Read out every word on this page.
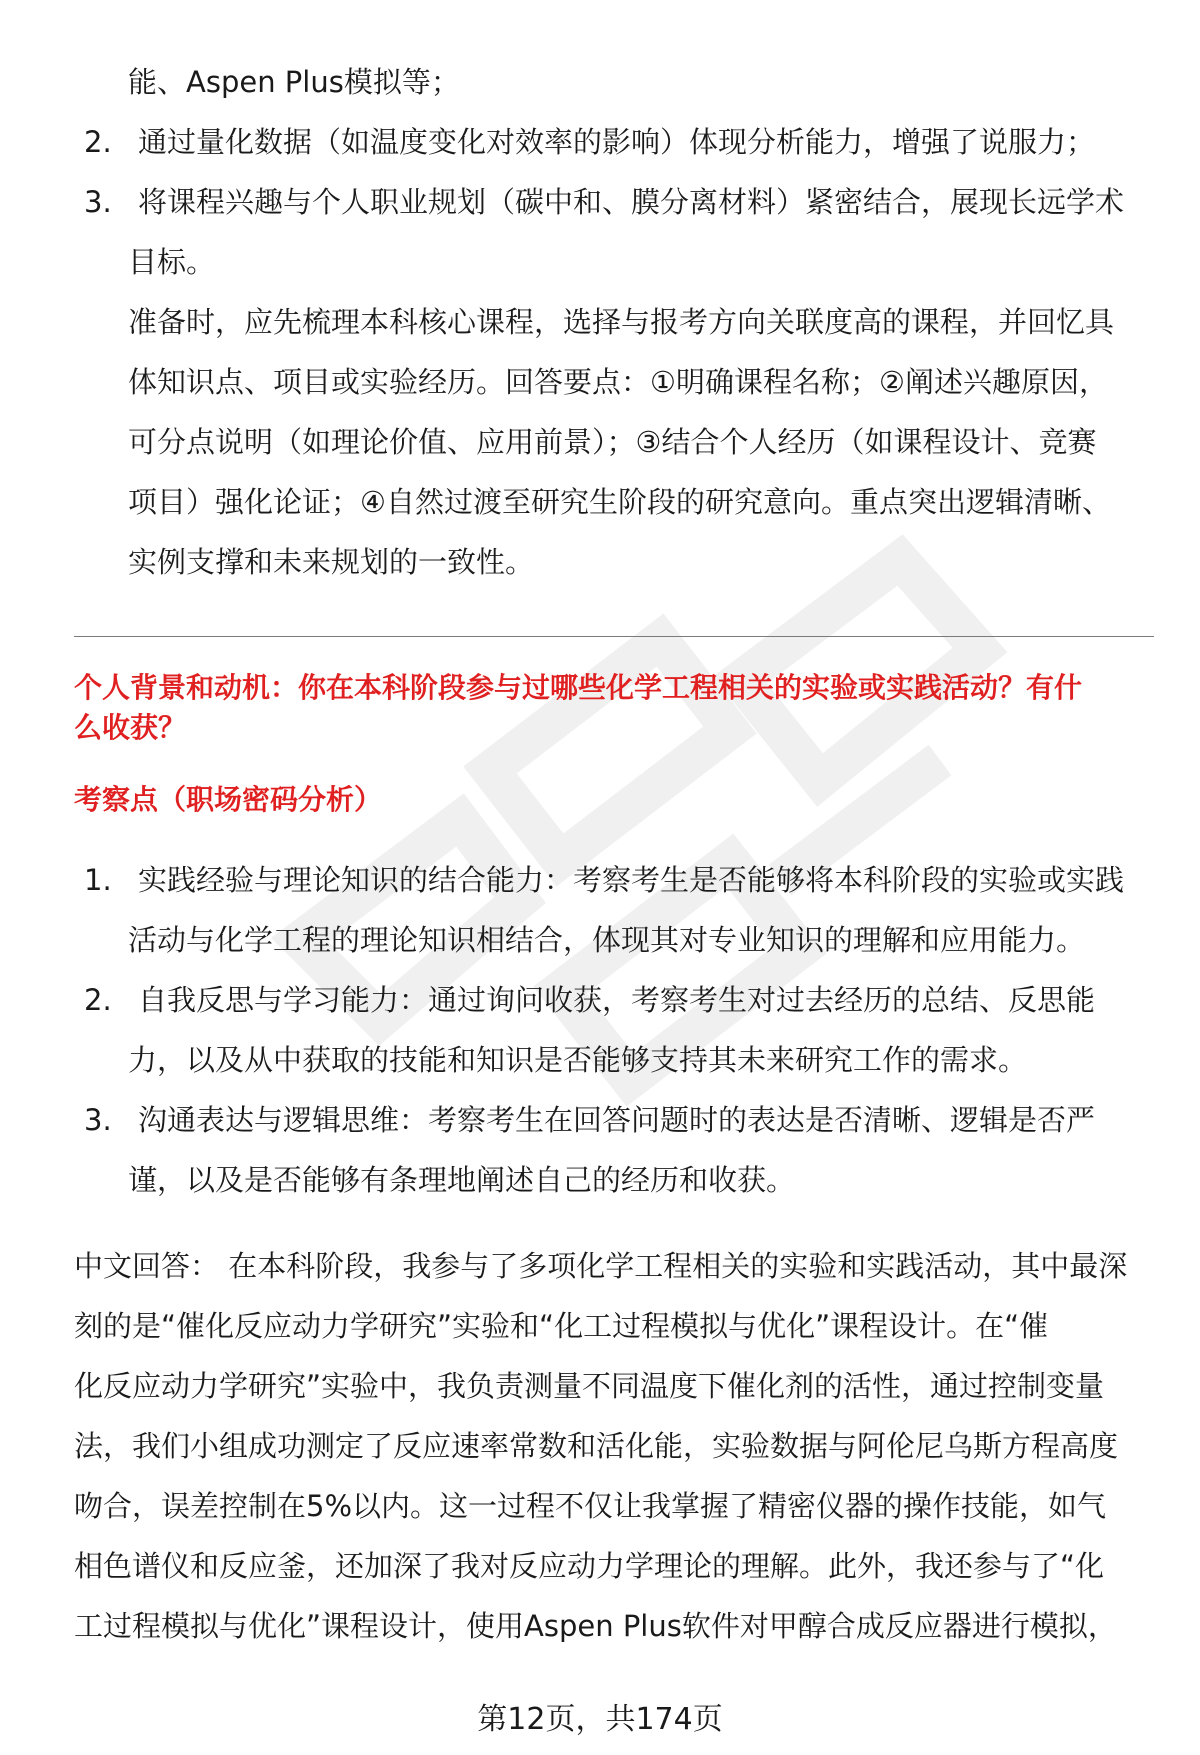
能、Aspen Plus模拟等；
2. 通过量化数据（如温度变化对效率的影响）体现分析能力，增强了说服力；
3. 将课程兴趣与个人职业规划（碳中和、膜分离材料）紧密结合，展现长远学术
目标。
准备时，应先梳理本科核心课程，选择与报考方向关联度高的课程，并回忆具
体知识点、项目或实验经历。回答要点：①明确课程名称；②阐述兴趣原因，
可分点说明（如理论价值、应用前景）；③结合个人经历（如课程设计、竞赛
项目）强化论证；④自然过渡至研究生阶段的研究意向。重点突出逻辑清晰、
实例支撑和未来规划的一致性。
个人背景和动机：你在本科阶段参与过哪些化学工程相关的实验或实践活动？有什
么收获？
考察点（职场密码分析）
1. 实践经验与理论知识的结合能力：考察考生是否能够将本科阶段的实验或实践
活动与化学工程的理论知识相结合，体现其对专业知识的理解和应用能力。
2. 自我反思与学习能力：通过询问收获，考察考生对过去经历的总结、反思能
力，以及从中获取的技能和知识是否能够支持其未来研究工作的需求。
3. 沟通表达与逻辑思维：考察考生在回答问题时的表达是否清晰、逻辑是否严
谨，以及是否能够有条理地阐述自己的经历和收获。
中文回答： 在本科阶段，我参与了多项化学工程相关的实验和实践活动，其中最深
刻的是“催化反应动力学研究”实验和“化工过程模拟与优化”课程设计。在“催
化反应动力学研究”实验中，我负责测量不同温度下催化剂的活性，通过控制变量
法，我们小组成功测定了反应速率常数和活化能，实验数据与阿伦尼乌斯方程高度
吻合，误差控制在5%以内。这一过程不仅让我掌握了精密仪器的操作技能，如气
相色谱仪和反应釜，还加深了我对反应动力学理论的理解。此外，我还参与了“化
工过程模拟与优化”课程设计，使用Aspen Plus软件对甲醇合成反应器进行模拟，
第12页，共174页
